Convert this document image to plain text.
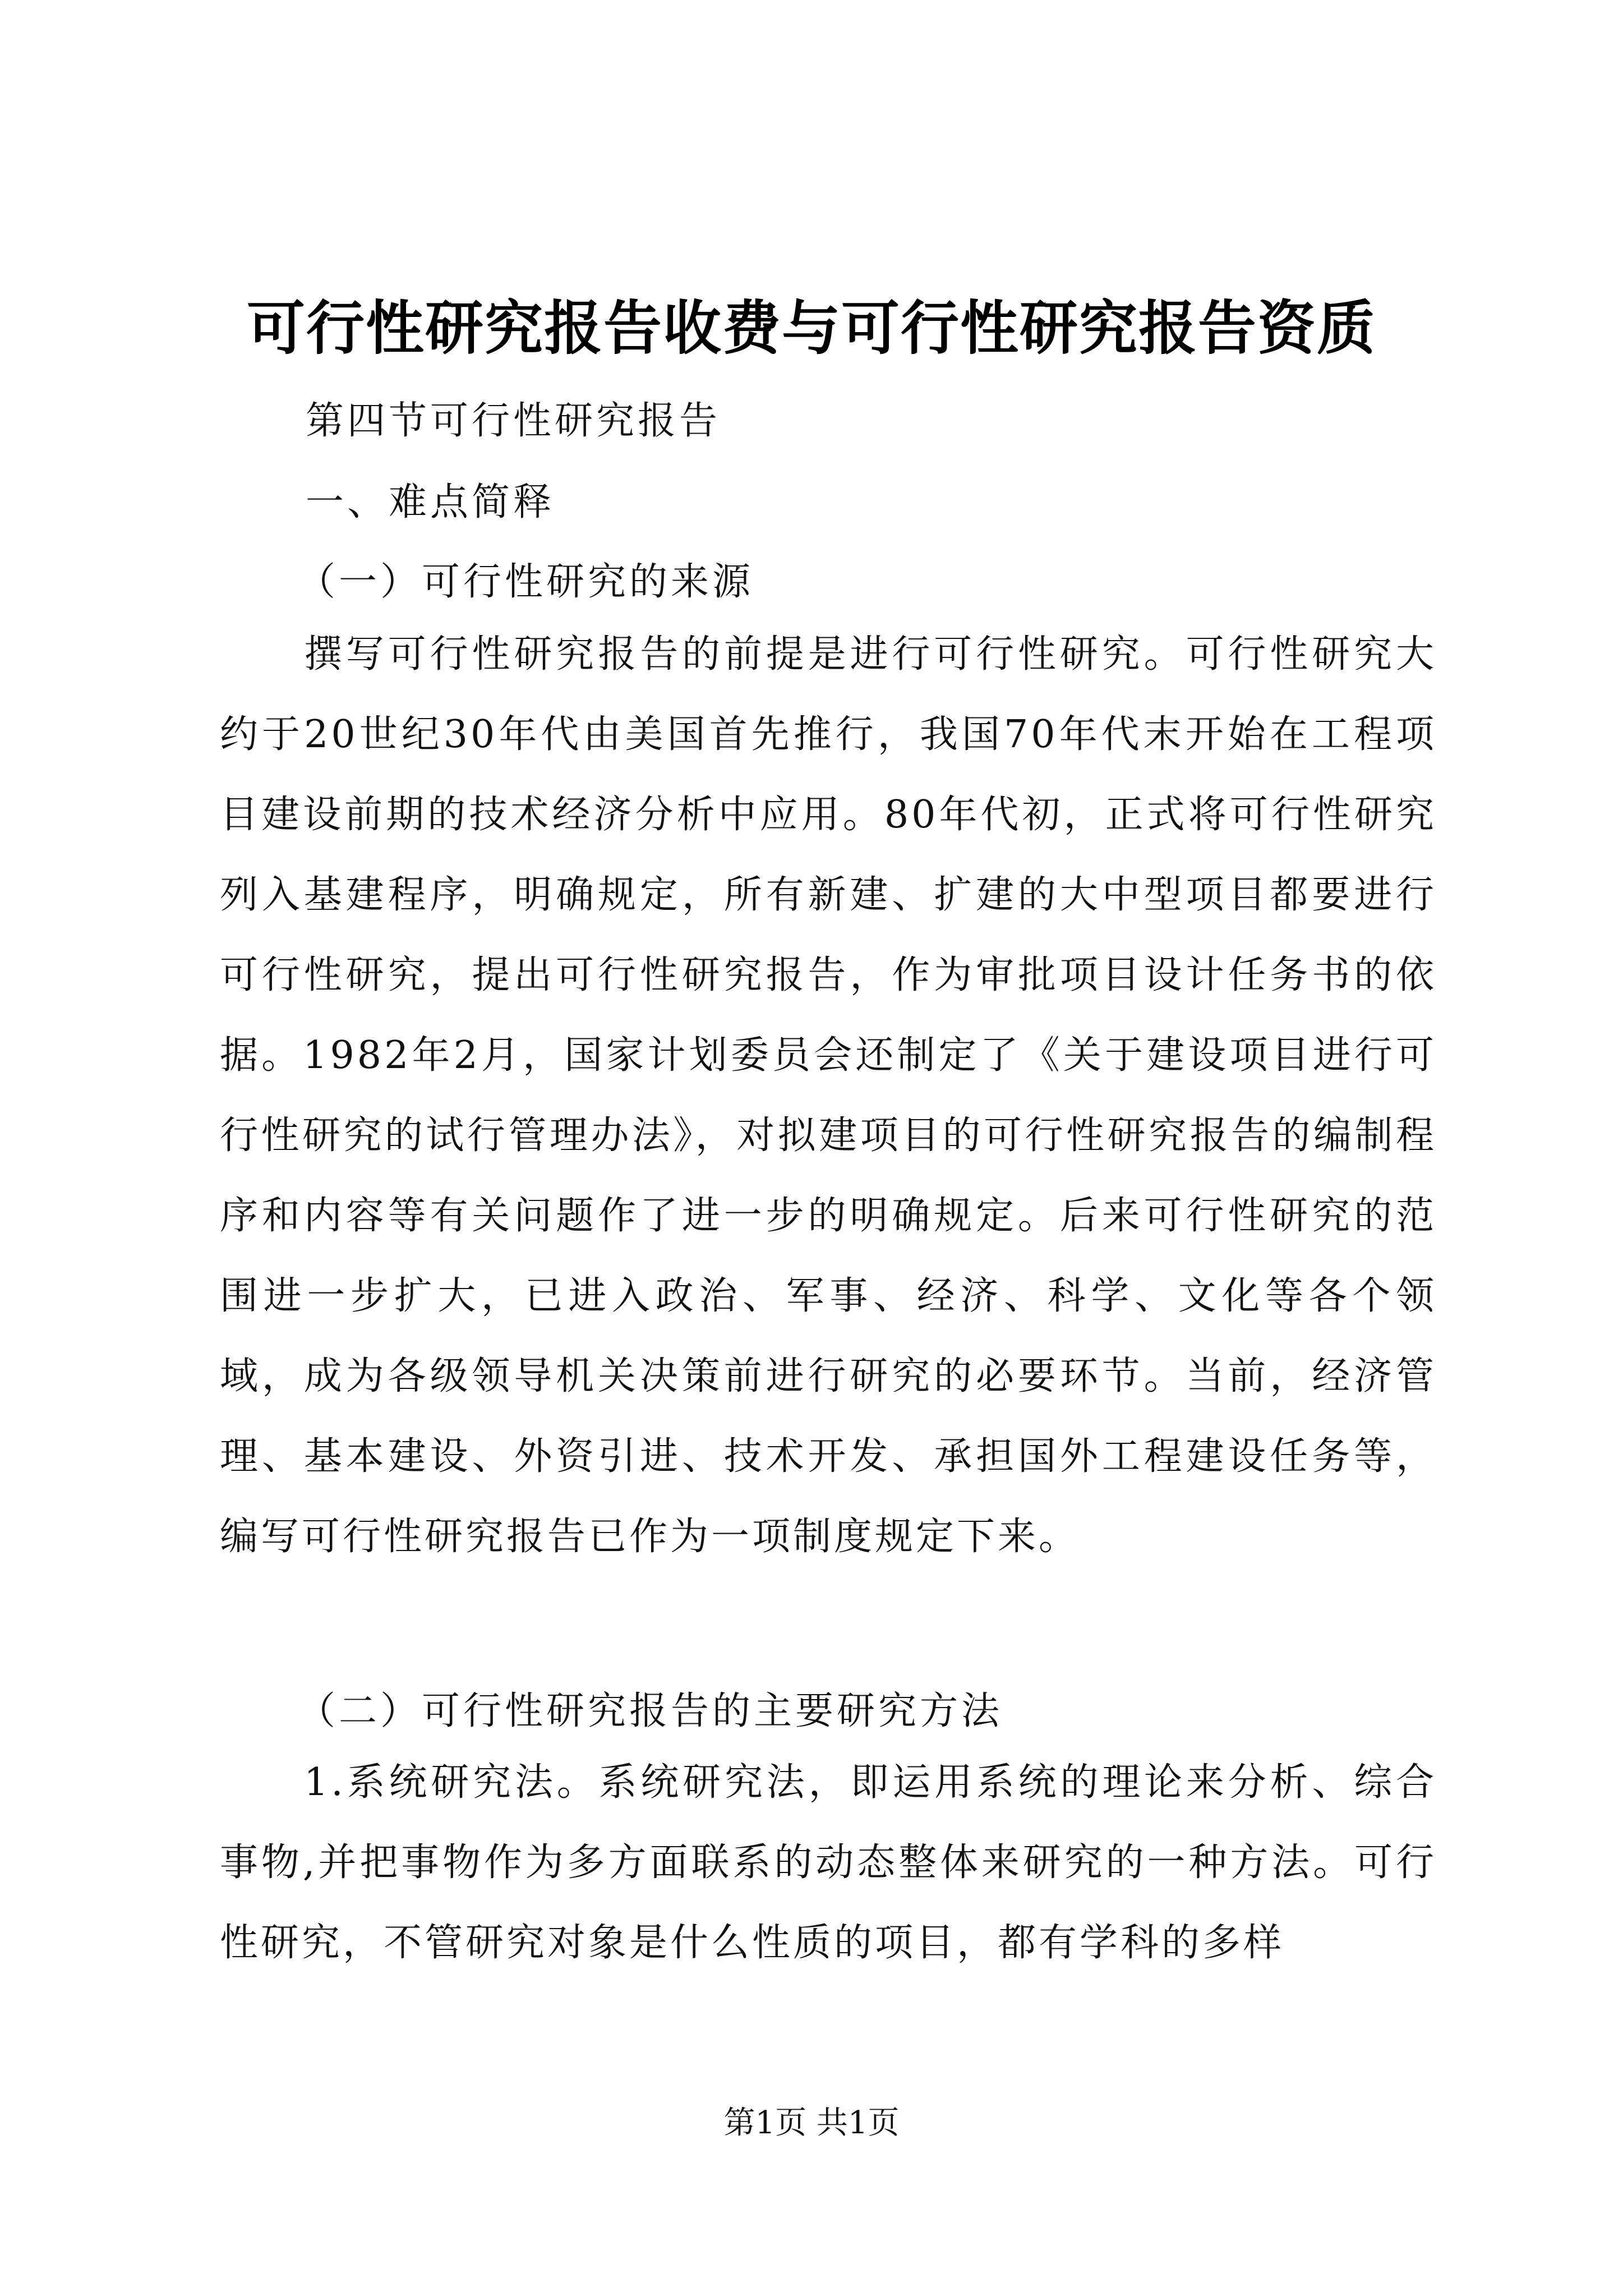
可行性研究报告收费与可行性研究报告资质
第四节可行性研究报告
一、难点简释
（一）可行性研究的来源

撰写可行性研究报告的前提是进行可行性研究。可行性研究大约于20世纪30年代由美国首先推行，我国70年代末开始在工程项目建设前期的技术经济分析中应用。80年代初，正式将可行性研究列入基建程序，明确规定，所有新建、扩建的大中型项目都要进行可行性研究，提出可行性研究报告，作为审批项目设计任务书的依据。1982年2月，国家计划委员会还制定了《关于建设项目进行可行性研究的试行管理办法》，对拟建项目的可行性研究报告的编制程序和内容等有关问题作了进一步的明确规定。后来可行性研究的范围进一步扩大，已进入政治、军事、经济、科学、文化等各个领域，成为各级领导机关决策前进行研究的必要环节。当前，经济管理、基本建设、外资引进、技术开发、承担国外工程建设任务等，编写可行性研究报告已作为一项制度规定下来。

（二）可行性研究报告的主要研究方法

1.系统研究法。系统研究法，即运用系统的理论来分析、综合事物,并把事物作为多方面联系的动态整体来研究的一种方法。可行性研究，不管研究对象是什么性质的项目，都有学科的多样

第1页 共1页
